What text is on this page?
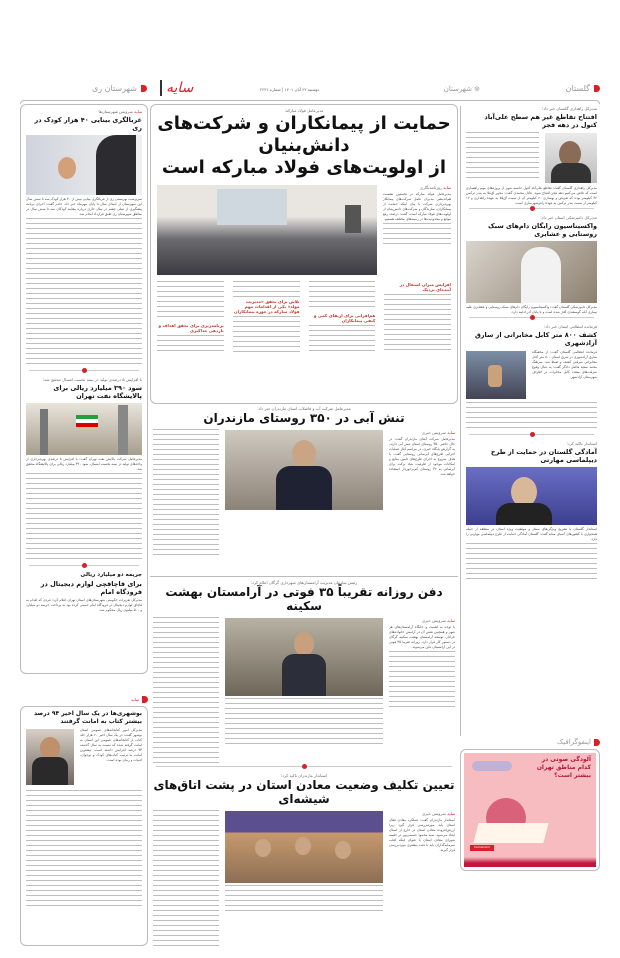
گلستان
⊚ شهرستان
دوشنبه ۲۲ آبان ۱۴۰۱ | شماره ۲۲۳۱
سایه
شهرستان ری
مدیرکل راهداری گلستان خبر داد:
افتتاح تقاطع غیر هم سطح علی‌آباد کتول در دهه فجر
مدیرکل راهداری گلستان گفت: تقاطع علی‌آباد کتول حاشیه شهر از پروژه‌های مهم راهسازی است که تلاش می‌کنیم دهه فجر افتتاح شود. عادل محمدی گفت: محور آق‌قلا به بندر ترکمن ۳۲ کیلومتر بوده که تعریض و بهسازی ۲۰ کیلومتر آن از سمت آق‌قلا به عهده راهداری و ۱۲ کیلومتر از سمت بندر ترکمن به عهده راه‌وشهرسازی است.
مدیرکل دامپزشکی استان خبر داد:
واکسیناسیون رایگان دام‌های سبک روستایی و عشایری
مدیرکل دامپزشکی گلستان گفت: واکسیناسیون رایگان دام‌های سبک روستایی و عشایری علیه بیماری آبله گوسفندی آغاز شده است و تا پایان آذر ادامه دارد.
فرمانده انتظامی استان خبر داد:
کشف ۸۰۰ متر کابل مخابراتی از سارق آزادشهری
فرمانده انتظامی گلستان گفت: از مخفیگاه سارق آزادشهری در شرق استان ۸۰۰ متر کابل مخابراتی سرقتی کشف و ضبط شد. سرهنگ محمد سعید فاضل دادگر گفت: به دنبال وقوع سرقت‌های متعدد کابل مخابرات در اطراف شهرستان آزادشهر.
استاندار تاکید کرد:
آمادگی گلستان در حمایت از طرح دیپلماسی مهارتی
استاندار گلستان با تشریح ویژگی‌های ممتاز و موقعیت ویژه استان در منطقه از جمله همجواری با کشورهای آسیای میانه گفت: گلستان آمادگی حمایت از طرح دیپلماسی مهارتی را دارد.
اینفوگرافیک
آلودگی صوتی در کدام مناطق تهران بیشتر است؟
hamshahri
مدیرعامل فولاد مبارکه:
حمایت از پیمانکاران و شرکت‌های دانش‌بنیان
از اولویت‌های فولاد مبارکه است
سایه روزنامه‌نگاری
مدیرعامل فولاد مبارکه در نخستین نشست هم‌اندیشی مدیران عامل شرکت‌های پیمانکار بهره‌برداری شرکت با بیان اینکه حمایت از پیمانکاران، سازندگان و شرکت‌های دانش‌بنیان از اولویت‌های فولاد مبارکه است، گفت: درصدد رفع موانع و محدودیت‌ها در زمینه‌های مختلف هستیم.
افزایش میزان اشتغال در آینده‌ای نزدیک
هم‌افزایی برای ارتقای کمی و کیفی پیمانکاران
تلاش برای تحقق «مدیریت مولد» یکی از اقدامات مهم فولاد مبارکه در حوزه پیمانکاران
برنامه‌ریزی برای تحقق اهداف و بازدهی حداکثری
مدیرعامل شرکت آب و فاضلاب استان مازندران خبر داد:
تنش آبی در ۳۵۰ روستای مازندران
سایه سرویس خبری
مدیرعامل شرکت آبفای مازندران گفت: در حال حاضر ۳۵۰ روستای استان تنش آبی دارند. به گزارش پایگاه خبری، در مراسم آغاز عملیات اجرایی طرح‌های آبرسانی روستایی گفت: با هدف شروع به اجرای طرح‌های تامین منابع و امکانات موجود از ظرفیت بنیاد برکت برای آبرسانی به ۳۲ روستای کم‌برخوردار استفاده خواهد شد.
رئیس سازمان مدیریت آرامستان‌های شهرداری گرگان اعلام کرد:
دفن روزانه تقریباً ۳۵ فوتی در آرامستان بهشت سکینه
سایه سرویس خبری
با توجه به اهمیت و جایگاه آرامستان‌های هر شهر و همچنین نقش آن در آرامش خانواده‌های عزادار، توسعه آرامستان بهشت سکینه گرگان در دستور کار قرار دارد. روزانه تقریبا ۳۵ فوتی در این آرامستان دفن می‌شوند.
استاندار مازندران تاکید کرد:
تعیین تکلیف وضعیت معادن استان در پشت اتاق‌های شیشه‌ای
سایه سرویس خبری
استاندار مازندران گفت: عملکرد معادن فعال استان باید موردبررسی قرار گیرد زیرا ارزش‌افزوده معادن استان در خارج از استان ایجاد می‌شود. سید محمود حسینی‌پور در جلسه شورای معادن استان با عنوان اینکه اغلب سرمایه‌گذاران باید با دقت بیشتری موردبررسی قرار گیرند.
سایه سرویس شهرستان‌ها
غربالگری بینایی ۴۰ هزار کودک در ری
سرپرست بهزیستی ری از غربالگری بینایی بیش از ۴۰ هزار کودک سه تا شش سال این شهرستان از ابتدای سال تا پایان مهرماه خبر داد. خادم گفت: اجرای برنامه پیشگیری از تنبلی چشم در سال جاری درباره معاینه کودکان سه تا شش سال در مناطق شهرستان ری طبق قرارداد انجام شد.
با افزایش ۵ درصدی تولید در نیمه نخست امسال محقق شد:
سود ۳۹۰ میلیارد ریالی برای پالایشگاه نفت تهران
مدیرعامل شرکت پالایش نفت تهران گفت: با افزایش ۸ درصدی بهره‌برداری از واحدهای تولید در نیمه نخست امسال، سود ۳۹۰ میلیارد ریالی برای پالایشگاه محقق شد.
جریمه دو میلیارد ریالی
برای قاچاقچی لوازم دیجیتال در فرودگاه امام
مدیرکل تعزیرات حکومتی شهرستان‌های استان تهران اعلام کرد: فردی که اقدام به قاچاق لوازم دیجیتال در فرودگاه امام خمینی کرده بود به پرداخت جریمه دو میلیارد و ۵۰۰ میلیون ریال محکوم شد.
سایه
بوشهری‌ها در یک سال اخیر ۹۴ درصد بیشتر کتاب به امانت گرفتند
مدیرکل امور کتابخانه‌های عمومی استان بوشهر گفت: در یک سال اخیر ۲۰ هزار جلد کتاب از کتابخانه‌های عمومی این استان به امانت گرفته شده که نسبت به سال گذشته ۹۴ درصد افزایش داشته است. بیشترین امانت به ترتیب کتاب‌های کودک و نوجوان، ادبیات و رمان بوده است.
